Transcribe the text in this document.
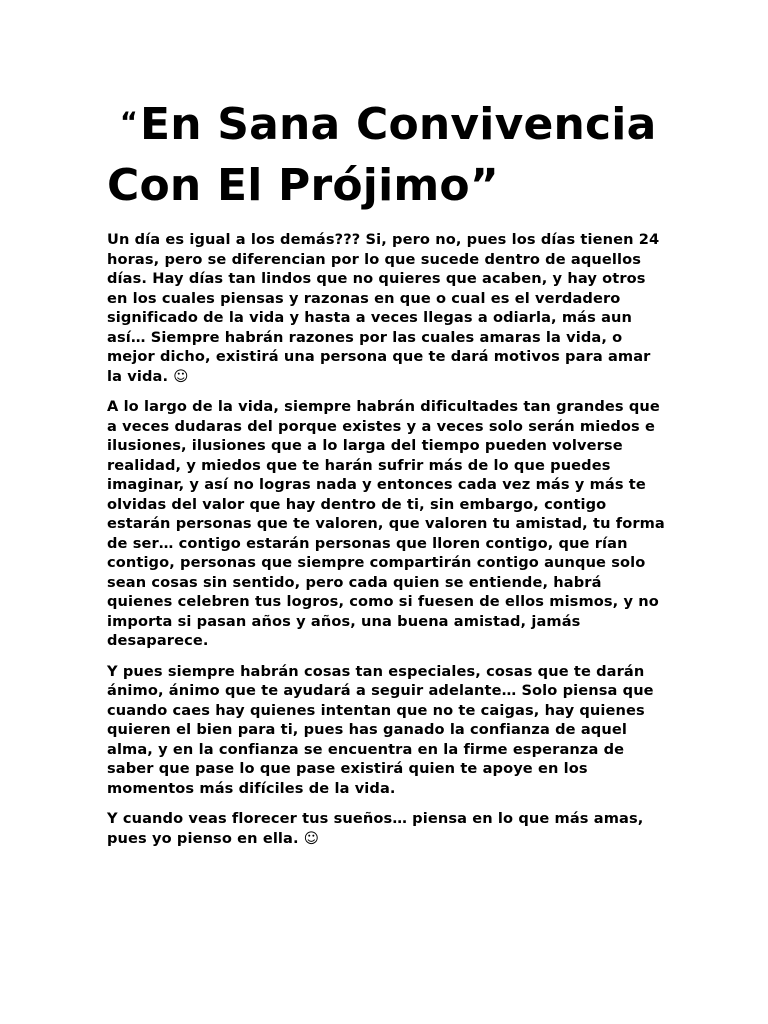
“En Sana Convivencia Con El Prójimo”

Un día es igual a los demás??? Si, pero no, pues los días tienen 24 horas, pero se diferencian por lo que sucede dentro de aquellos días. Hay días tan lindos que no quieres que acaben, y hay otros en los cuales piensas y razonas en que o cual es el verdadero significado de la vida y hasta a veces llegas a odiarla, más aun así… Siempre habrán razones por las cuales amaras la vida, o mejor dicho, existirá una persona que te dará motivos para amar la vida. ☺

A lo largo de la vida, siempre habrán dificultades tan grandes que a veces dudaras del porque existes y a veces solo serán miedos e ilusiones, ilusiones que a lo larga del tiempo pueden volverse realidad, y miedos que te harán sufrir más de lo que puedes imaginar, y así no logras nada y entonces cada vez más y más te olvidas del valor que hay dentro de ti, sin embargo, contigo estarán personas que te valoren, que valoren tu amistad, tu forma de ser… contigo estarán personas que lloren contigo, que rían contigo, personas que siempre compartirán contigo aunque solo sean cosas sin sentido, pero cada quien se entiende, habrá quienes celebren tus logros, como si fuesen de ellos mismos, y no importa si pasan años y años, una buena amistad, jamás desaparece.

Y pues siempre habrán cosas tan especiales, cosas que te darán ánimo, ánimo que te ayudará a seguir adelante… Solo piensa que cuando caes hay quienes intentan que no te caigas, hay quienes quieren el bien para ti, pues has ganado la confianza de aquel alma, y en la confianza se encuentra en la firme esperanza de saber que pase lo que pase existirá quien te apoye en los momentos más difíciles de la vida.

Y cuando veas florecer tus sueños… piensa en lo que más amas, pues yo pienso en ella. ☺
